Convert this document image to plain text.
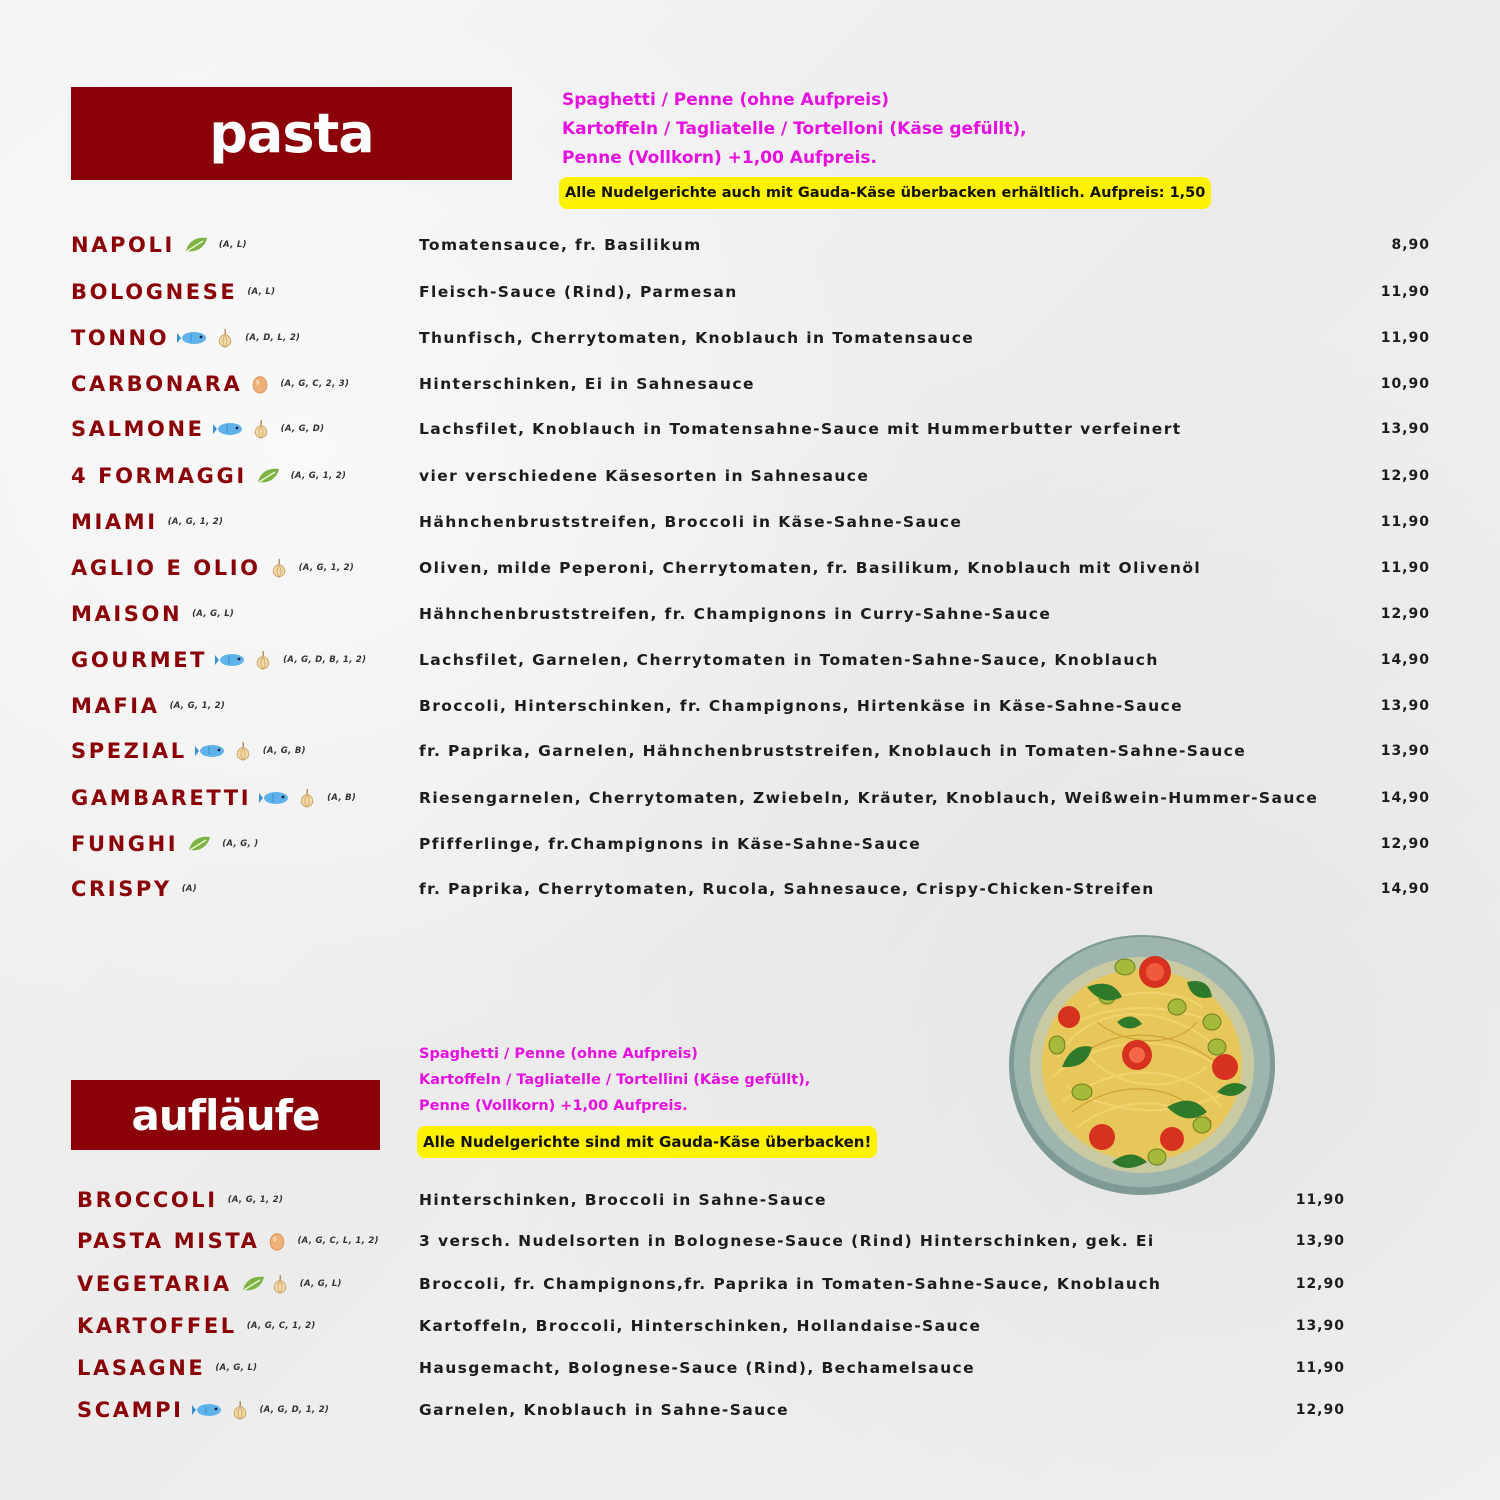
pasta
Spaghetti / Penne (ohne Aufpreis)
Kartoffeln / Tagliatelle / Tortelloni (Käse gefüllt),
Penne (Vollkorn) +1,00 Aufpreis.
Alle Nudelgerichte auch mit Gauda-Käse überbacken erhältlich. Aufpreis: 1,50
NAPOLI	(A, L)	Tomatensauce, fr. Basilikum	8,90
BOLOGNESE (A, L)	Fleisch-Sauce (Rind), Parmesan	11,90
TONNO	(A, D, L, 2)	Thunfisch, Cherrytomaten, Knoblauch in Tomatensauce	11,90
CARBONARA	(A, G, C, 2, 3)	Hinterschinken, Ei in Sahnesauce	10,90
SALMONE	(A, G, D)	Lachsfilet, Knoblauch in Tomatensahne-Sauce mit Hummerbutter verfeinert	13,90
4 FORMAGGI	(A, G, 1, 2)	vier verschiedene Käsesorten in Sahnesauce	12,90
MIAMI (A, G, 1, 2)	Hähnchenbruststreifen, Broccoli in Käse-Sahne-Sauce	11,90
AGLIO E OLIO	(A, G, 1, 2)	Oliven, milde Peperoni, Cherrytomaten, fr. Basilikum, Knoblauch mit Olivenöl	11,90
MAISON (A, G, L)	Hähnchenbruststreifen, fr. Champignons in Curry-Sahne-Sauce	12,90
GOURMET	(A, G, D, B, 1, 2)	Lachsfilet, Garnelen, Cherrytomaten in Tomaten-Sahne-Sauce, Knoblauch	14,90
MAFIA (A, G, 1, 2)	Broccoli, Hinterschinken, fr. Champignons, Hirtenkäse in Käse-Sahne-Sauce	13,90
SPEZIAL	(A, G, B)	fr. Paprika, Garnelen, Hähnchenbruststreifen, Knoblauch in Tomaten-Sahne-Sauce	13,90
GAMBARETTI	(A, B)	Riesengarnelen, Cherrytomaten, Zwiebeln, Kräuter, Knoblauch, Weißwein-Hummer-Sauce	14,90
FUNGHI	(A, G, )	Pfifferlinge, fr.Champignons in Käse-Sahne-Sauce	12,90
CRISPY (A)	fr. Paprika, Cherrytomaten, Rucola, Sahnesauce, Crispy-Chicken-Streifen	14,90
aufläufe
Spaghetti / Penne (ohne Aufpreis)
Kartoffeln / Tagliatelle / Tortellini (Käse gefüllt),
Penne (Vollkorn) +1,00 Aufpreis.
Alle Nudelgerichte sind mit Gauda-Käse überbacken!
BROCCOLI (A, G, 1, 2)	Hinterschinken, Broccoli in Sahne-Sauce	11,90
PASTA MISTA	(A, G, C, L, 1, 2)	3 versch. Nudelsorten in Bolognese-Sauce (Rind) Hinterschinken, gek. Ei	13,90
VEGETARIA	(A, G, L)	Broccoli, fr. Champignons,fr. Paprika in Tomaten-Sahne-Sauce, Knoblauch	12,90
KARTOFFEL (A, G, C, 1, 2)	Kartoffeln, Broccoli, Hinterschinken, Hollandaise-Sauce	13,90
LASAGNE (A, G, L)	Hausgemacht, Bolognese-Sauce (Rind), Bechamelsauce	11,90
SCAMPI	(A, G, D, 1, 2)	Garnelen, Knoblauch in Sahne-Sauce	12,90
